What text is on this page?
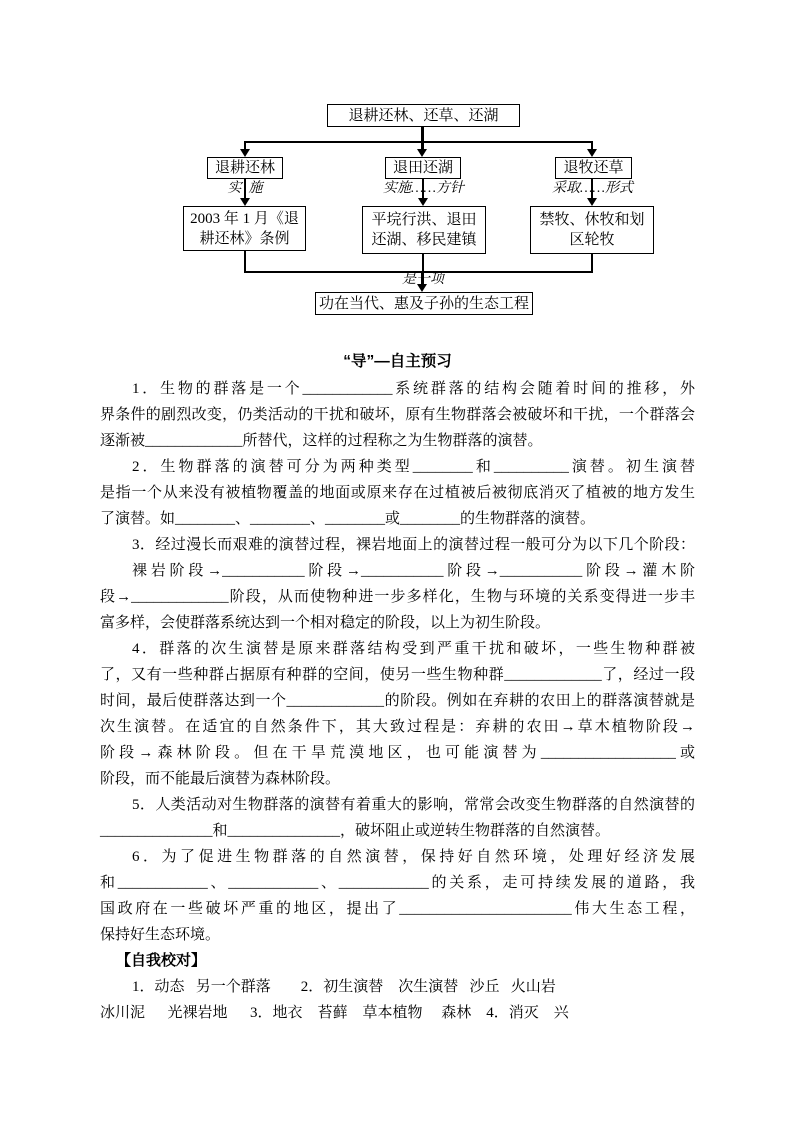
退耕还林、还草、还湖
退耕还林	退田还湖	退牧还草
实  施	实施……方针	采取……形式
2003 年 1 月《退耕还林》条例
平垸行洪、退田还湖、移民建镇
禁牧、休牧和划区轮牧
是一项
功在当代、惠及子孙的生态工程
“导”—自主预习
1．生物的群落是一个____________系统群落的结构会随着时间的推移，外
界条件的剧烈改变，仍类活动的干扰和破坏，原有生物群落会被破坏和干扰，一个群落会
逐渐被_____________所替代，这样的过程称之为生物群落的演替。
2．生物群落的演替可分为两种类型________和__________演替。初生演替
是指一个从来没有被植物覆盖的地面或原来存在过植被后被彻底消灭了植被的地方发生
了演替。如________、________、________或________的生物群落的演替。
3．经过漫长而艰难的演替过程，裸岩地面上的演替过程一般可分为以下几个阶段：
裸岩阶段→___________阶段→___________阶段→___________阶段→灌木阶
段→_____________阶段，从而使物种进一步多样化，生物与环境的关系变得进一步丰
富多样，会使群落系统达到一个相对稳定的阶段，以上为初生阶段。
4．群落的次生演替是原来群落结构受到严重干扰和破坏，一些生物种群被
了，又有一些种群占据原有种群的空间，使另一些生物种群_____________了，经过一段
时间，最后使群落达到一个_____________的阶段。例如在弃耕的农田上的群落演替就是
次生演替。在适宜的自然条件下，其大致过程是：弃耕的农田→草木植物阶段→
阶段→森林阶段。但在干旱荒漠地区，也可能演替为__________________或
阶段，而不能最后演替为森林阶段。
5．人类活动对生物群落的演替有着重大的影响，常常会改变生物群落的自然演替的
_______________和_______________，破坏阻止或逆转生物群落的自然演替。
6．为了促进生物群落的自然演替，保持好自然环境，处理好经济发展
和____________、____________、____________的关系，走可持续发展的道路，我
国政府在一些破坏严重的地区，提出了_______________________伟大生态工程，
保持好生态环境。
【自我校对】
1．动态   另一个群落        2．初生演替    次生演替   沙丘   火山岩
冰川泥      光裸岩地      3．地衣    苔藓    草本植物     森林    4．消灭    兴
